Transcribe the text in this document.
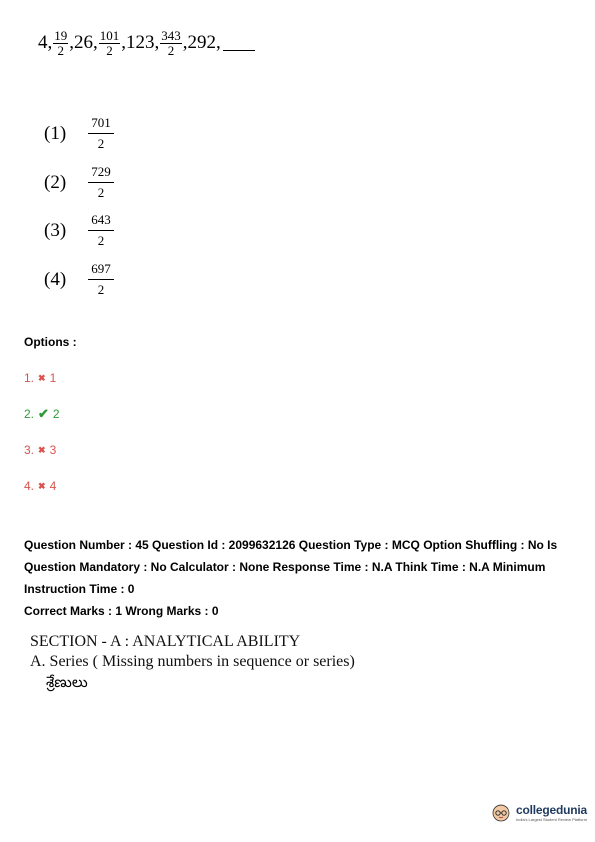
4, $\frac{19}{2} ,26$, $\frac{101}{2} ,123$, $\frac{343}{2} ,292$,
(1)	701
2
(2)	729
2
(3)	643
2
(4)	697
2
Options :
1. ✖ 1
2. ✔ 2
3. ✖ 3
4. ✖ 4
Question Number : 45 Question Id : 2099632126 Question Type : MCQ Option Shuffling : No Is
Question Mandatory : No Calculator : None Response Time : N.A Think Time : N.A Minimum
Instruction Time : 0
Correct Marks : 1 Wrong Marks : 0
SECTION - A : ANALYTICAL ABILITY
A. Series ( Missing numbers in sequence or series)
శ్రేణులు
collegedunia
India's Largest Student Review Platform
